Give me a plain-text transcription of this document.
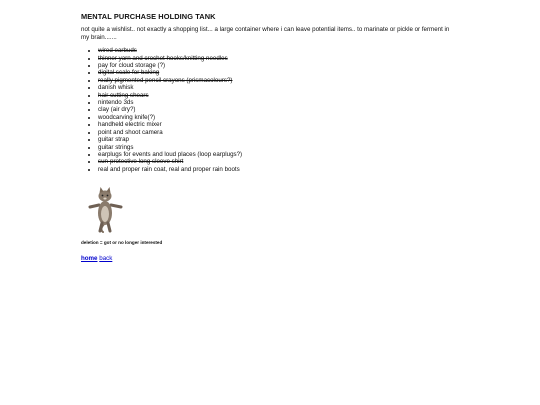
MENTAL PURCHASE HOLDING TANK

not quite a wishlist.. not exactly a shopping list... a large container where i can leave potential items.. to marinate or pickle or ferment in my brain.......

• wired earbuds
• thinner yarn and crochet hooks/knitting needles
• pay for cloud storage (?)
• digital scale for baking
• really pigmented pencil crayons (prismacolours?)
• danish whisk
• hair cutting shears
• nintendo 3ds
• clay (air dry?)
• woodcarving knife(?)
• handheld electric mixer
• point and shoot camera
• guitar strap
• guitar strings
• earplugs for events and loud places (loop earplugs?)
• sun-protective long sleeve shirt
• real and proper rain coat, real and proper rain boots
deletion = got or no longer interested
home back
